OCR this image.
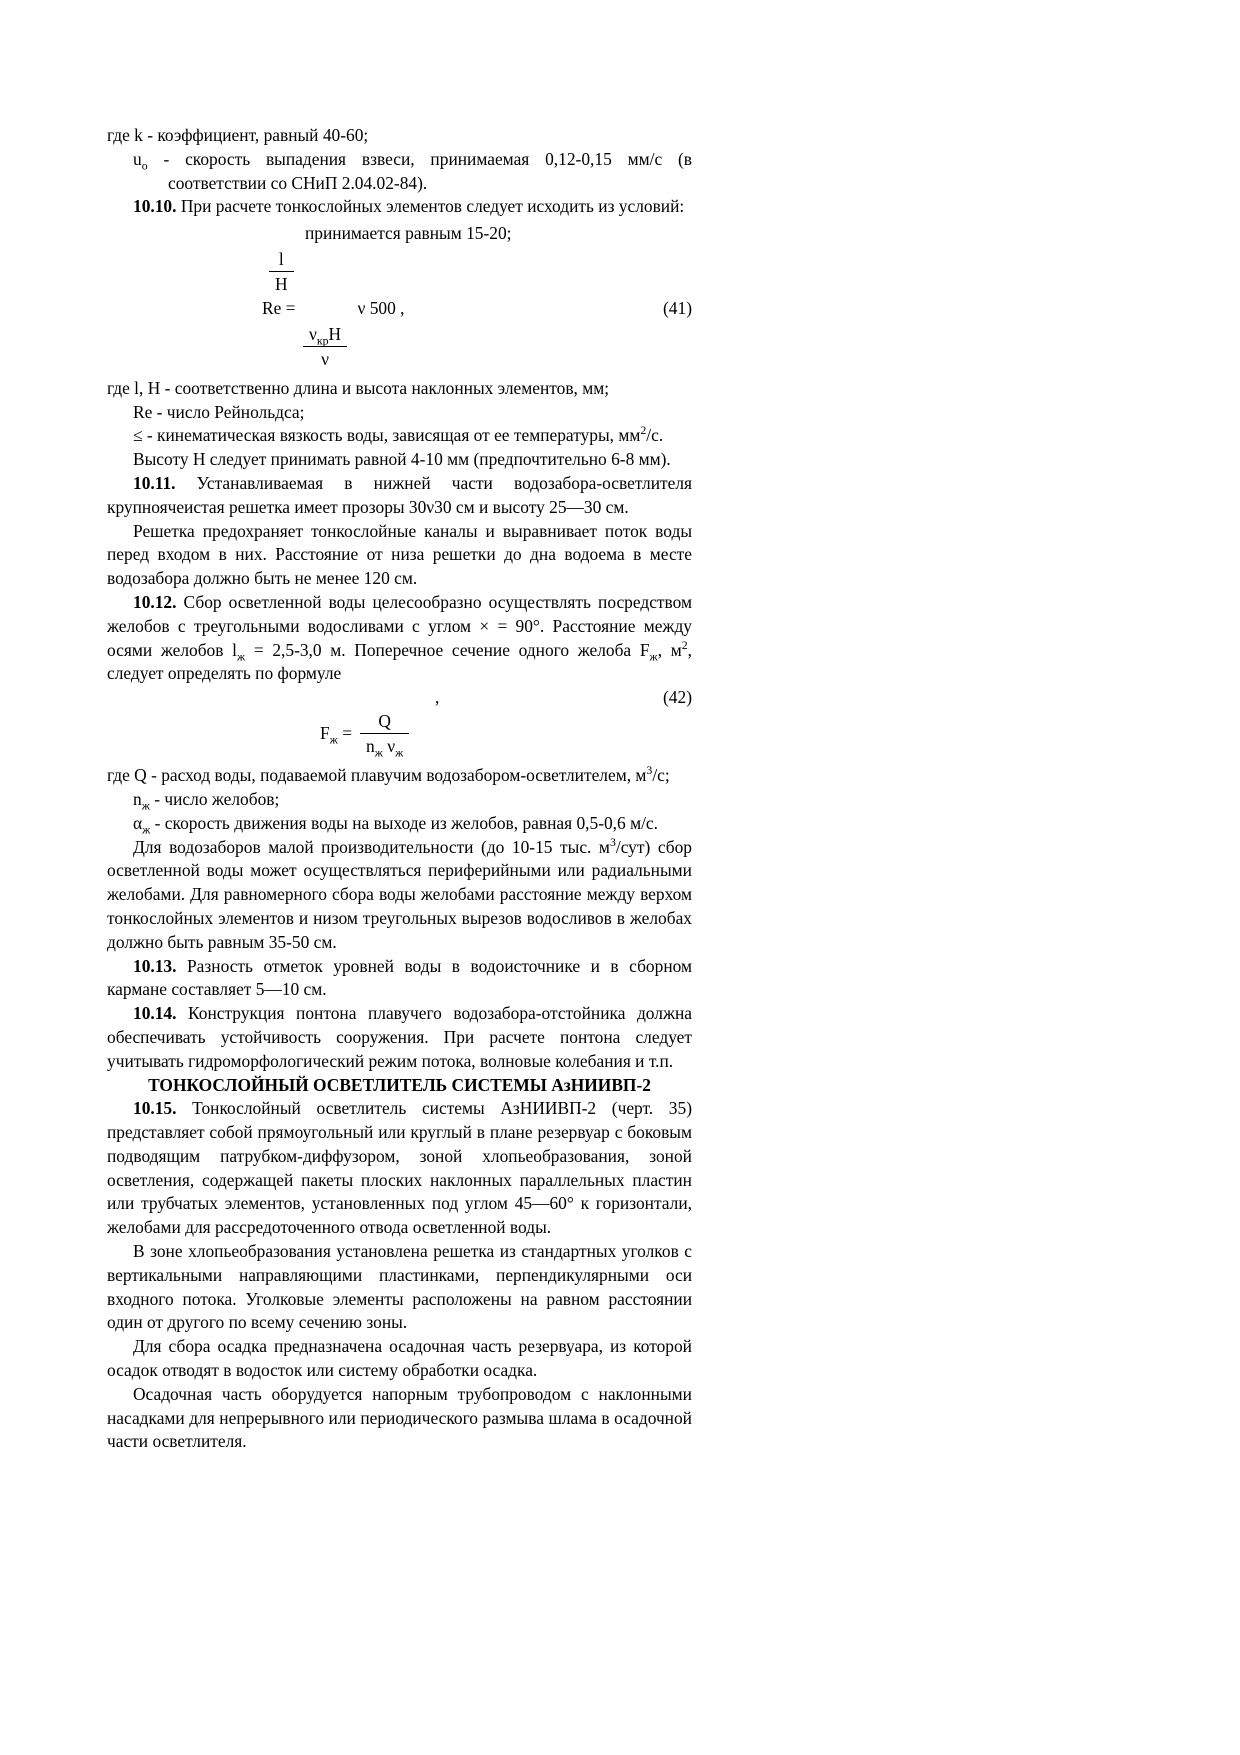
где k - коэффициент, равный 40-60;

$u_о$ - скорость выпадения взвеси, принимаемая 0,12-0,15 мм/с (в соответствии со СНиП 2.04.02-84).

10.10. При расчете тонкослойных элементов следует исходить из условий:

принимается равным 15-20;
$\frac{l}{Н}$
Re =	ν 500 ,	(41)
$\frac{\nu_{кр}Н}{\nu}$

где l, Н - соответственно длина и высота наклонных элементов, мм;

Re - число Рейнольдса;

≤ - кинематическая вязкость воды, зависящая от ее температуры, $мм^2/с$.

Высоту Н следует принимать равной 4-10 мм (предпочтительно 6-8 мм).

10.11. Устанавливаемая в нижней части водозабора-осветлителя крупноячеистая решетка имеет прозоры 30ν30 см и высоту 25—30 см.

Решетка предохраняет тонкослойные каналы и выравнивает поток воды перед входом в них. Расстояние от низа решетки до дна водоема в месте водозабора должно быть не менее 120 см.

10.12. Сбор осветленной воды целесообразно осуществлять посредством желобов с треугольными водосливами с углом × = 90°. Расстояние между осями желобов $l_ж = 2,5-3,0$ м. Поперечное сечение одного желоба $F_ж$, $м^2$, следует определять по формуле

,	(42)
$F_ж = \frac{Q}{n_ж \nu_ж}$

где Q - расход воды, подаваемой плавучим водозабором-осветлителем, $м^3/с$;

$n_ж$ - число желобов;

$\alpha_ж$ - скорость движения воды на выходе из желобов, равная 0,5-0,6 м/с.

Для водозаборов малой производительности (до 10-15 тыс. $м^3/сут$) сбор осветленной воды может осуществляться периферийными или радиальными желобами. Для равномерного сбора воды желобами расстояние между верхом тонкослойных элементов и низом треугольных вырезов водосливов в желобах должно быть равным 35-50 см.

10.13. Разность отметок уровней воды в водоисточнике и в сборном кармане составляет 5—10 см.

10.14. Конструкция понтона плавучего водозабора-отстойника должна обеспечивать устойчивость сооружения. При расчете понтона следует учитывать гидроморфологический режим потока, волновые колебания и т.п.

ТОНКОСЛОЙНЫЙ ОСВЕТЛИТЕЛЬ СИСТЕМЫ АзНИИВП-2

10.15. Тонкослойный осветлитель системы АзНИИВП-2 (черт. 35) представляет собой прямоугольный или круглый в плане резервуар с боковым подводящим патрубком-диффузором, зоной хлопьеобразования, зоной осветления, содержащей пакеты плоских наклонных параллельных пластин или трубчатых элементов, установленных под углом 45—60° к горизонтали, желобами для рассредоточенного отвода осветленной воды.

В зоне хлопьеобразования установлена решетка из стандартных уголков с вертикальными направляющими пластинками, перпендикулярными оси входного потока. Уголковые элементы расположены на равном расстоянии один от другого по всему сечению зоны.

Для сбора осадка предназначена осадочная часть резервуара, из которой осадок отводят в водосток или систему обработки осадка.

Осадочная часть оборудуется напорным трубопроводом с наклонными насадками для непрерывного или периодического размыва шлама в осадочной части осветлителя.
